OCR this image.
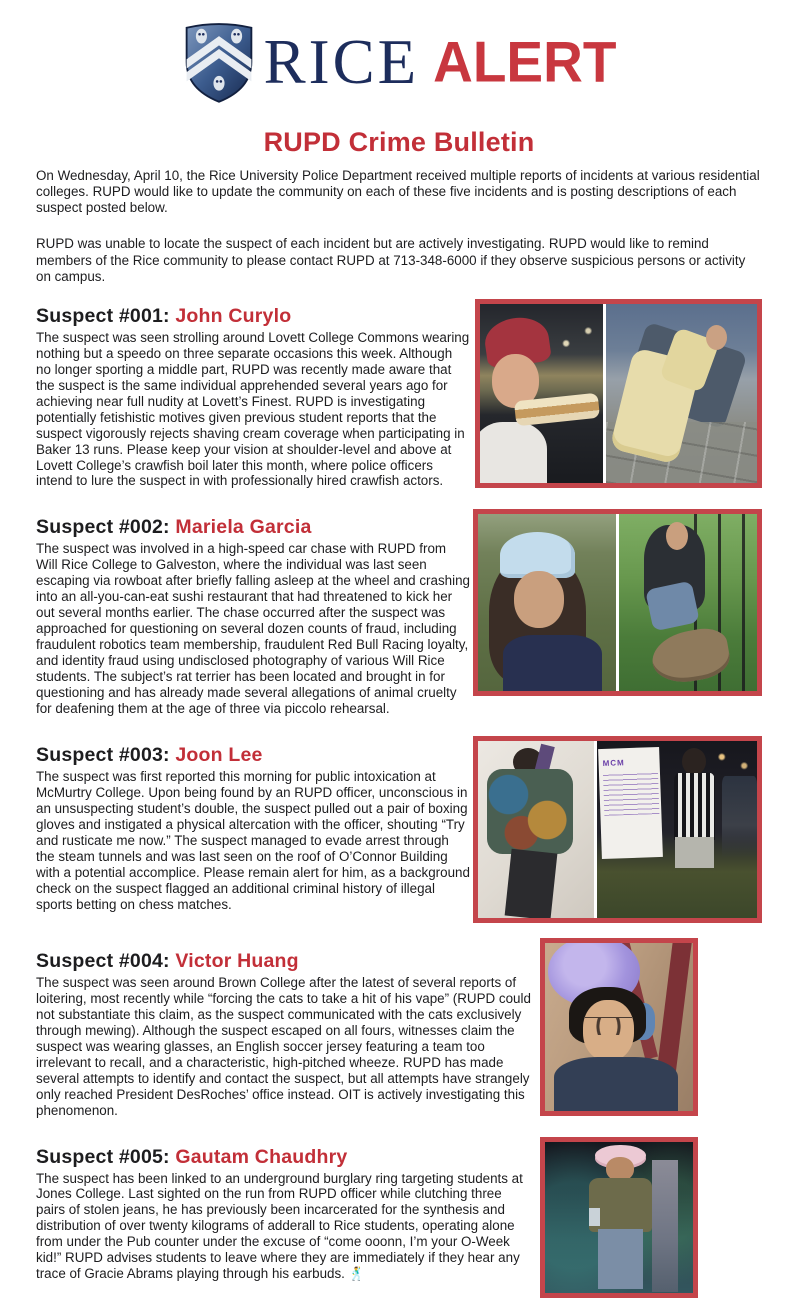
RICE ALERT
RUPD Crime Bulletin

On Wednesday, April 10, the Rice University Police Department received multiple reports of incidents at various residential colleges. RUPD would like to update the community on each of these five incidents and is posting descriptions of each suspect posted below.

RUPD was unable to locate the suspect of each incident but are actively investigating. RUPD would like to remind members of the Rice community to please contact RUPD at 713-348-6000 if they observe suspicious persons or activity on campus.

Suspect #001: John Curylo

The suspect was seen strolling around Lovett College Commons wearing nothing but a speedo on three separate occasions this week. Although no longer sporting a middle part, RUPD was recently made aware that the suspect is the same individual apprehended several years ago for achieving near full nudity at Lovett’s Finest. RUPD is investigating potentially fetishistic motives given previous student reports that the suspect vigorously rejects shaving cream coverage when participating in Baker 13 runs. Please keep your vision at shoulder-level and above at Lovett College’s crawfish boil later this month, where police officers intend to lure the suspect in with professionally hired crawfish actors.

Suspect #002: Mariela Garcia

The suspect was involved in a high-speed car chase with RUPD from Will Rice College to Galveston, where the individual was last seen escaping via rowboat after briefly falling asleep at the wheel and crashing into an all-you-can-eat sushi restaurant that had threatened to kick her out several months earlier. The chase occurred after the suspect was approached for questioning on several dozen counts of fraud, including fraudulent robotics team membership, fraudulent Red Bull Racing loyalty, and identity fraud using undisclosed photography of various Will Rice students. The subject’s rat terrier has been located and brought in for questioning and has already made several allegations of animal cruelty for deafening them at the age of three via piccolo rehearsal.

Suspect #003: Joon Lee

The suspect was first reported this morning for public intoxication at McMurtry College. Upon being found by an RUPD officer, unconscious in an unsuspecting student’s double, the suspect pulled out a pair of boxing gloves and instigated a physical altercation with the officer, shouting “Try and rusticate me now.” The suspect managed to evade arrest through the steam tunnels and was last seen on the roof of O’Connor Building with a potential accomplice. Please remain alert for him, as a background check on the suspect flagged an additional criminal history of illegal sports betting on chess matches.

MCM
Suspect #004: Victor Huang

The suspect was seen around Brown College after the latest of several reports of loitering, most recently while “forcing the cats to take a hit of his vape” (RUPD could not substantiate this claim, as the suspect communicated with the cats exclusively through mewing). Although the suspect escaped on all fours, witnesses claim the suspect was wearing glasses, an English soccer jersey featuring a team too irrelevant to recall, and a characteristic, high-pitched wheeze. RUPD has made several attempts to identify and contact the suspect, but all attempts have strangely only reached President DesRoches’ office instead. OIT is actively investigating this phenomenon.

Suspect #005: Gautam Chaudhry

The suspect has been linked to an underground burglary ring targeting students at Jones College. Last sighted on the run from RUPD officer while clutching three pairs of stolen jeans, he has previously been incarcerated for the synthesis and distribution of over twenty kilograms of adderall to Rice students, operating alone from under the Pub counter under the excuse of “come ooonn, I’m your O-Week kid!” RUPD advises students to leave where they are immediately if they hear any trace of Gracie Abrams playing through his earbuds. 🕺
